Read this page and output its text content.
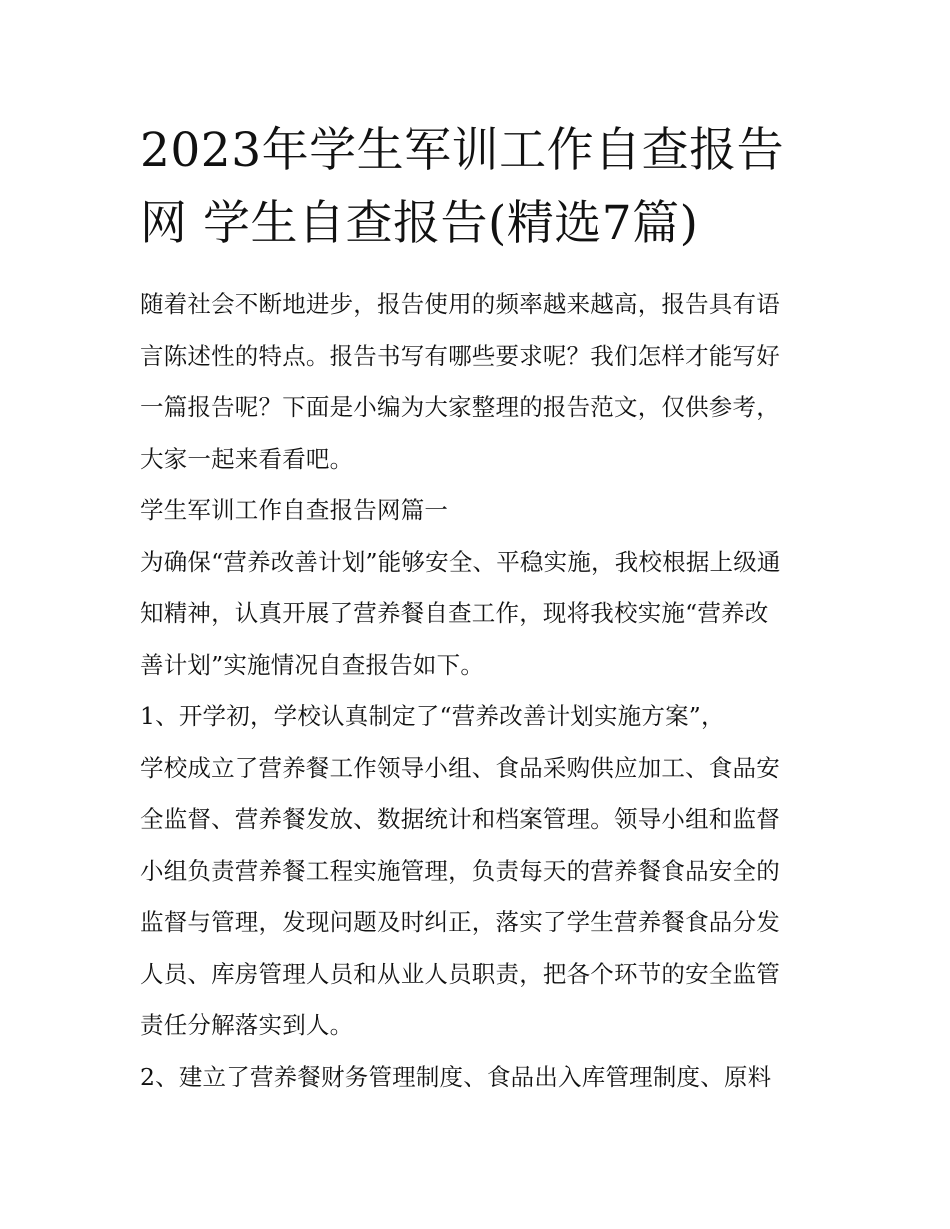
2023年学生军训工作自查报告
网 学生自查报告(精选7篇)

随着社会不断地进步，报告使用的频率越来越高，报告具有语

言陈述性的特点。报告书写有哪些要求呢？我们怎样才能写好

一篇报告呢？下面是小编为大家整理的报告范文，仅供参考，

大家一起来看看吧。

学生军训工作自查报告网篇一

为确保“营养改善计划”能够安全、平稳实施，我校根据上级通

知精神，认真开展了营养餐自查工作，现将我校实施“营养改

善计划”实施情况自查报告如下。

1、开学初，学校认真制定了“营养改善计划实施方案”，

学校成立了营养餐工作领导小组、食品采购供应加工、食品安

全监督、营养餐发放、数据统计和档案管理。领导小组和监督

小组负责营养餐工程实施管理，负责每天的营养餐食品安全的

监督与管理，发现问题及时纠正，落实了学生营养餐食品分发

人员、库房管理人员和从业人员职责，把各个环节的安全监管

责任分解落实到人。

2、建立了营养餐财务管理制度、食品出入库管理制度、原料
